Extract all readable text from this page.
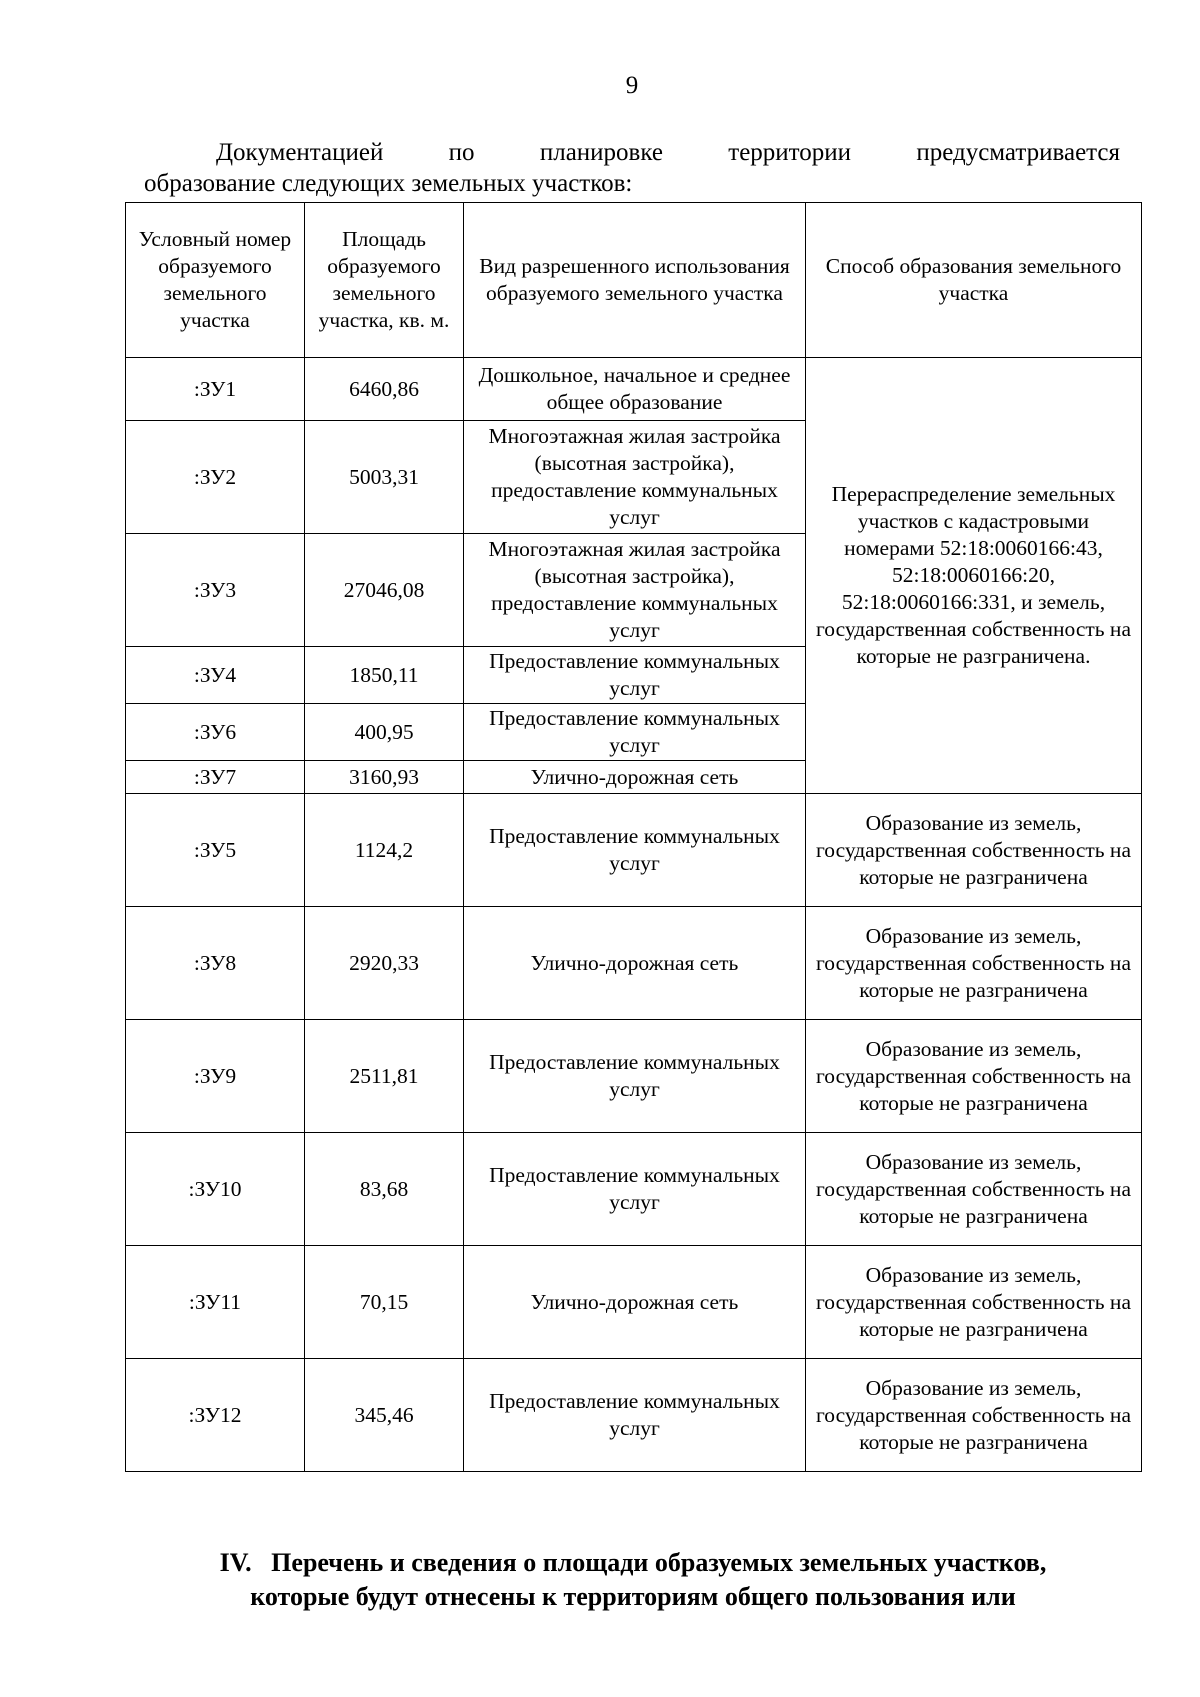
9
Документацией по планировке территории предусматривается
образование следующих земельных участков:
Условный номер образуемого земельного участка	Площадь образуемого земельного участка, кв. м.	Вид разрешенного использования образуемого земельного участка	Способ образования земельного участка
:ЗУ1	6460,86	Дошкольное, начальное и среднее общее образование	Перераспределение земельных участков с кадастровыми номерами 52:18:0060166:43, 52:18:0060166:20, 52:18:0060166:331, и земель, государственная собственность на которые не разграничена.
:ЗУ2	5003,31	Многоэтажная жилая застройка (высотная застройка), предоставление коммунальных услуг	
:ЗУ3	27046,08	Многоэтажная жилая застройка (высотная застройка), предоставление коммунальных услуг	
:ЗУ4	1850,11	Предоставление коммунальных услуг	
:ЗУ6	400,95	Предоставление коммунальных услуг	
:ЗУ7	3160,93	Улично-дорожная сеть	
:ЗУ5	1124,2	Предоставление коммунальных услуг	Образование из земель, государственная собственность на которые не разграничена
:ЗУ8	2920,33	Улично-дорожная сеть	Образование из земель, государственная собственность на которые не разграничена
:ЗУ9	2511,81	Предоставление коммунальных услуг	Образование из земель, государственная собственность на которые не разграничена
:ЗУ10	83,68	Предоставление коммунальных услуг	Образование из земель, государственная собственность на которые не разграничена
:ЗУ11	70,15	Улично-дорожная сеть	Образование из земель, государственная собственность на которые не разграничена
:ЗУ12	345,46	Предоставление коммунальных услуг	Образование из земель, государственная собственность на которые не разграничена
IV.   Перечень и сведения о площади образуемых земельных участков,
которые будут отнесены к территориям общего пользования или
